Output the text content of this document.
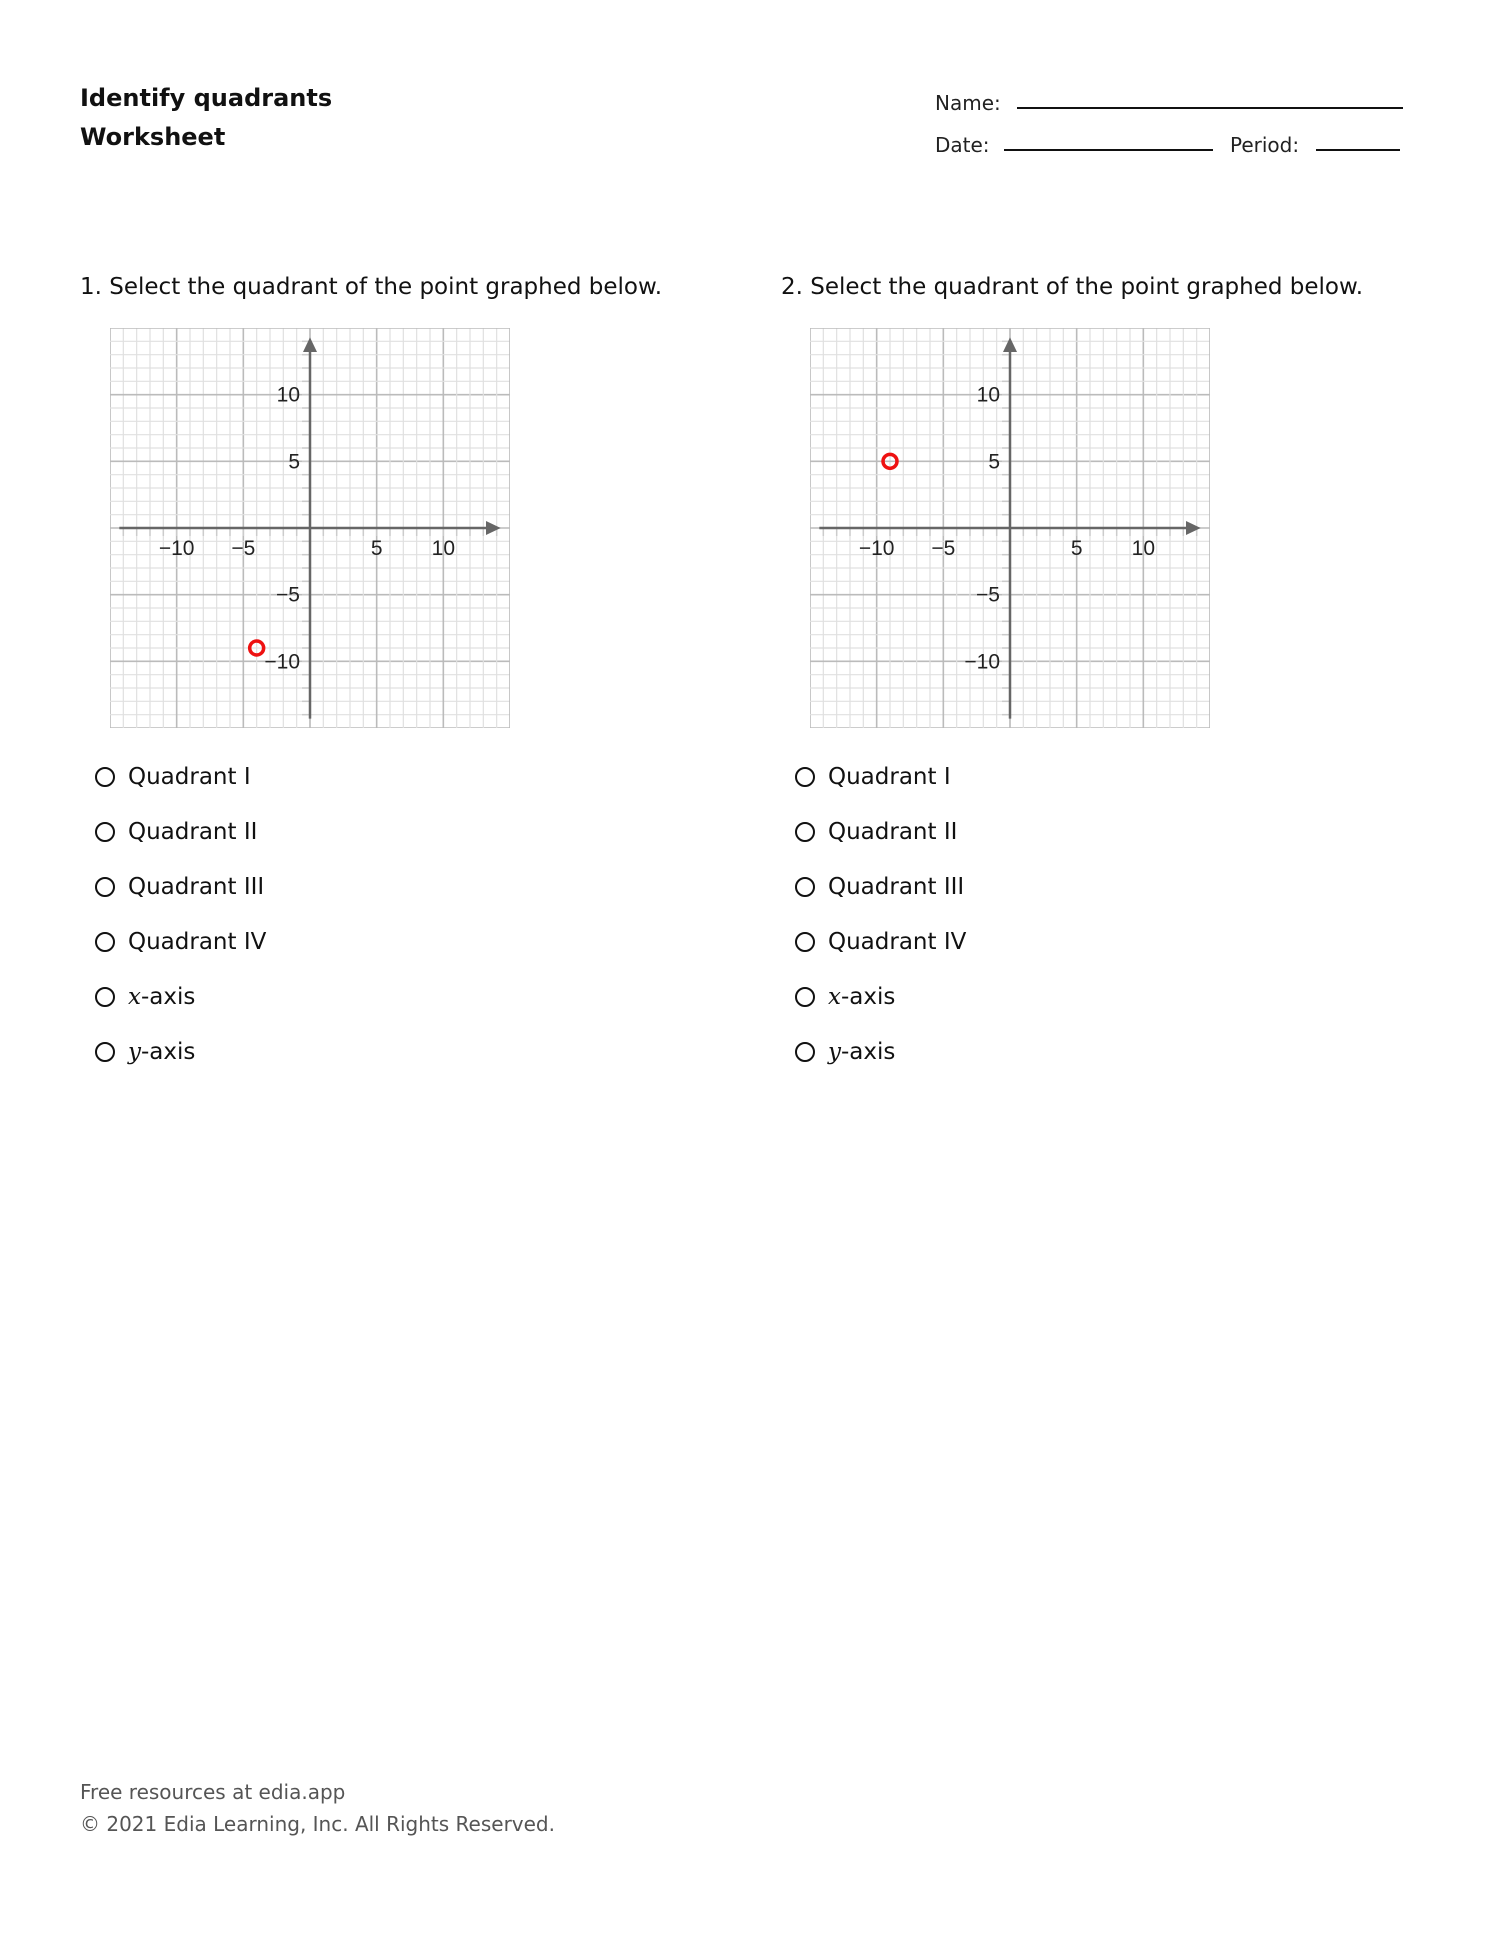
Identify quadrants
Worksheet
Name:
Date:	Period:
1. Select the quadrant of the point graphed below.
−10 −5	5 10
10
5
−5
−10
Quadrant I
Quadrant II
Quadrant III
Quadrant IV
x -axis
y -axis
2. Select the quadrant of the point graphed below.
−10 −5	5 10
10
5
−5
−10
Quadrant I
Quadrant II
Quadrant III
Quadrant IV
x -axis
y -axis
Free resources at edia.app
© 2021 Edia Learning, Inc. All Rights Reserved.
